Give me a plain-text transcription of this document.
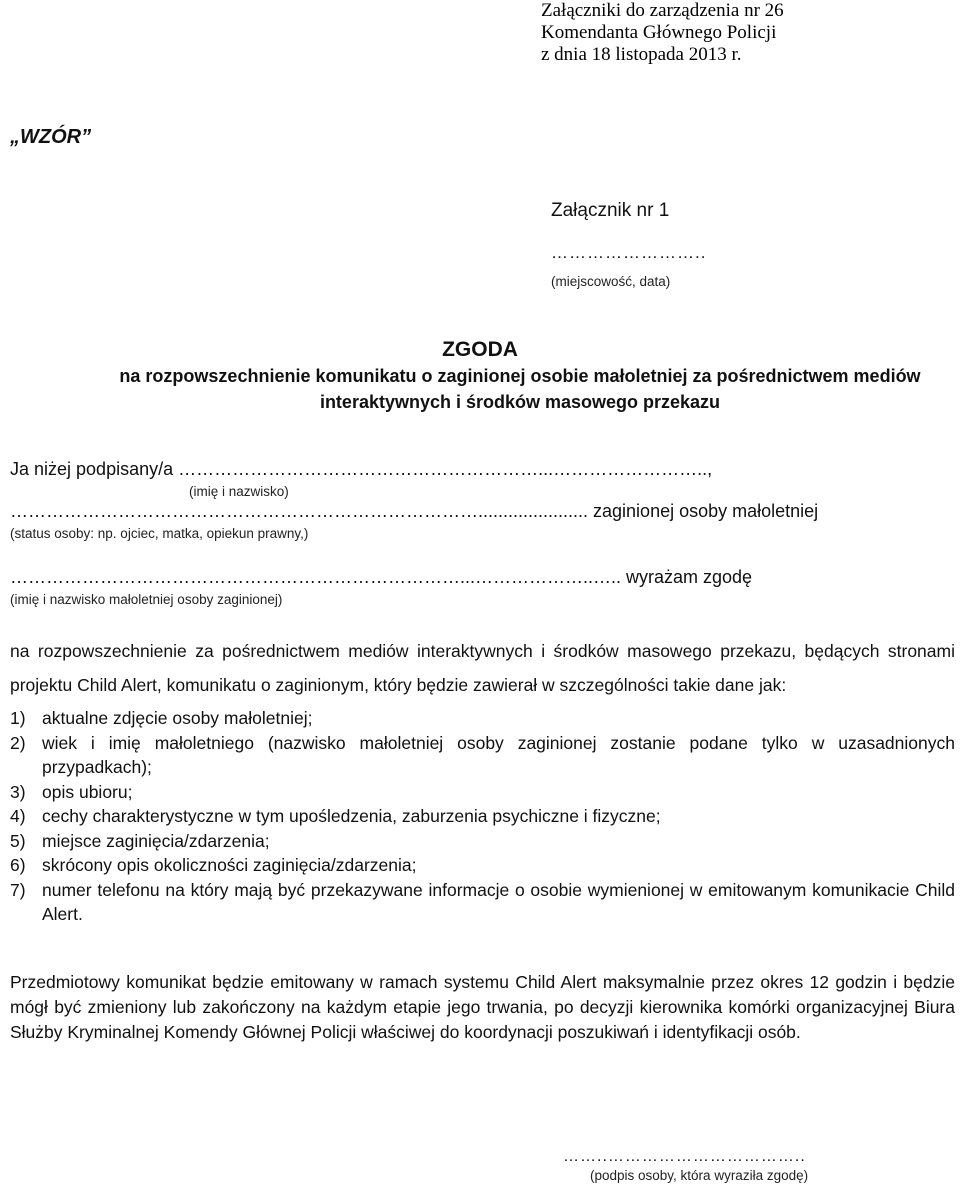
Załączniki do zarządzenia nr 26
Komendanta Głównego Policji
z dnia 18 listopada 2013 r.
„WZÓR”
Załącznik nr 1
……………………..
(miejscowość, data)
ZGODA
na rozpowszechnienie komunikatu o zaginionej osobie małoletniej za pośrednictwem mediów interaktywnych i środków masowego przekazu
Ja niżej podpisany/a ……………………………………………………...……………………..,
(imię i nazwisko)
……………………………………………………………………...................... zaginionej osoby małoletniej
(status osoby: np. ojciec, matka, opiekun prawny,)
…………………………………………………………………...………………..….. wyrażam zgodę
(imię i nazwisko małoletniej osoby zaginionej)
na rozpowszechnienie za pośrednictwem mediów interaktywnych i środków masowego przekazu, będących stronami projektu Child Alert, komunikatu o zaginionym, który będzie zawierał w szczególności takie dane jak:
1) aktualne zdjęcie osoby małoletniej;
2) wiek i imię małoletniego (nazwisko małoletniej osoby zaginionej zostanie podane tylko w uzasadnionych przypadkach);
3) opis ubioru;
4) cechy charakterystyczne w tym upośledzenia, zaburzenia psychiczne i fizyczne;
5) miejsce zaginięcia/zdarzenia;
6) skrócony opis okoliczności zaginięcia/zdarzenia;
7) numer telefonu na który mają być przekazywane informacje o osobie wymienionej w emitowanym komunikacie Child Alert.
Przedmiotowy komunikat będzie emitowany w ramach systemu Child Alert maksymalnie przez okres 12 godzin i będzie mógł być zmieniony lub zakończony na każdym etapie jego trwania, po decyzji kierownika komórki organizacyjnej Biura Służby Kryminalnej Komendy Głównej Policji właściwej do koordynacji poszukiwań i identyfikacji osób.
……..……………………………..
(podpis osoby, która wyraziła zgodę)
